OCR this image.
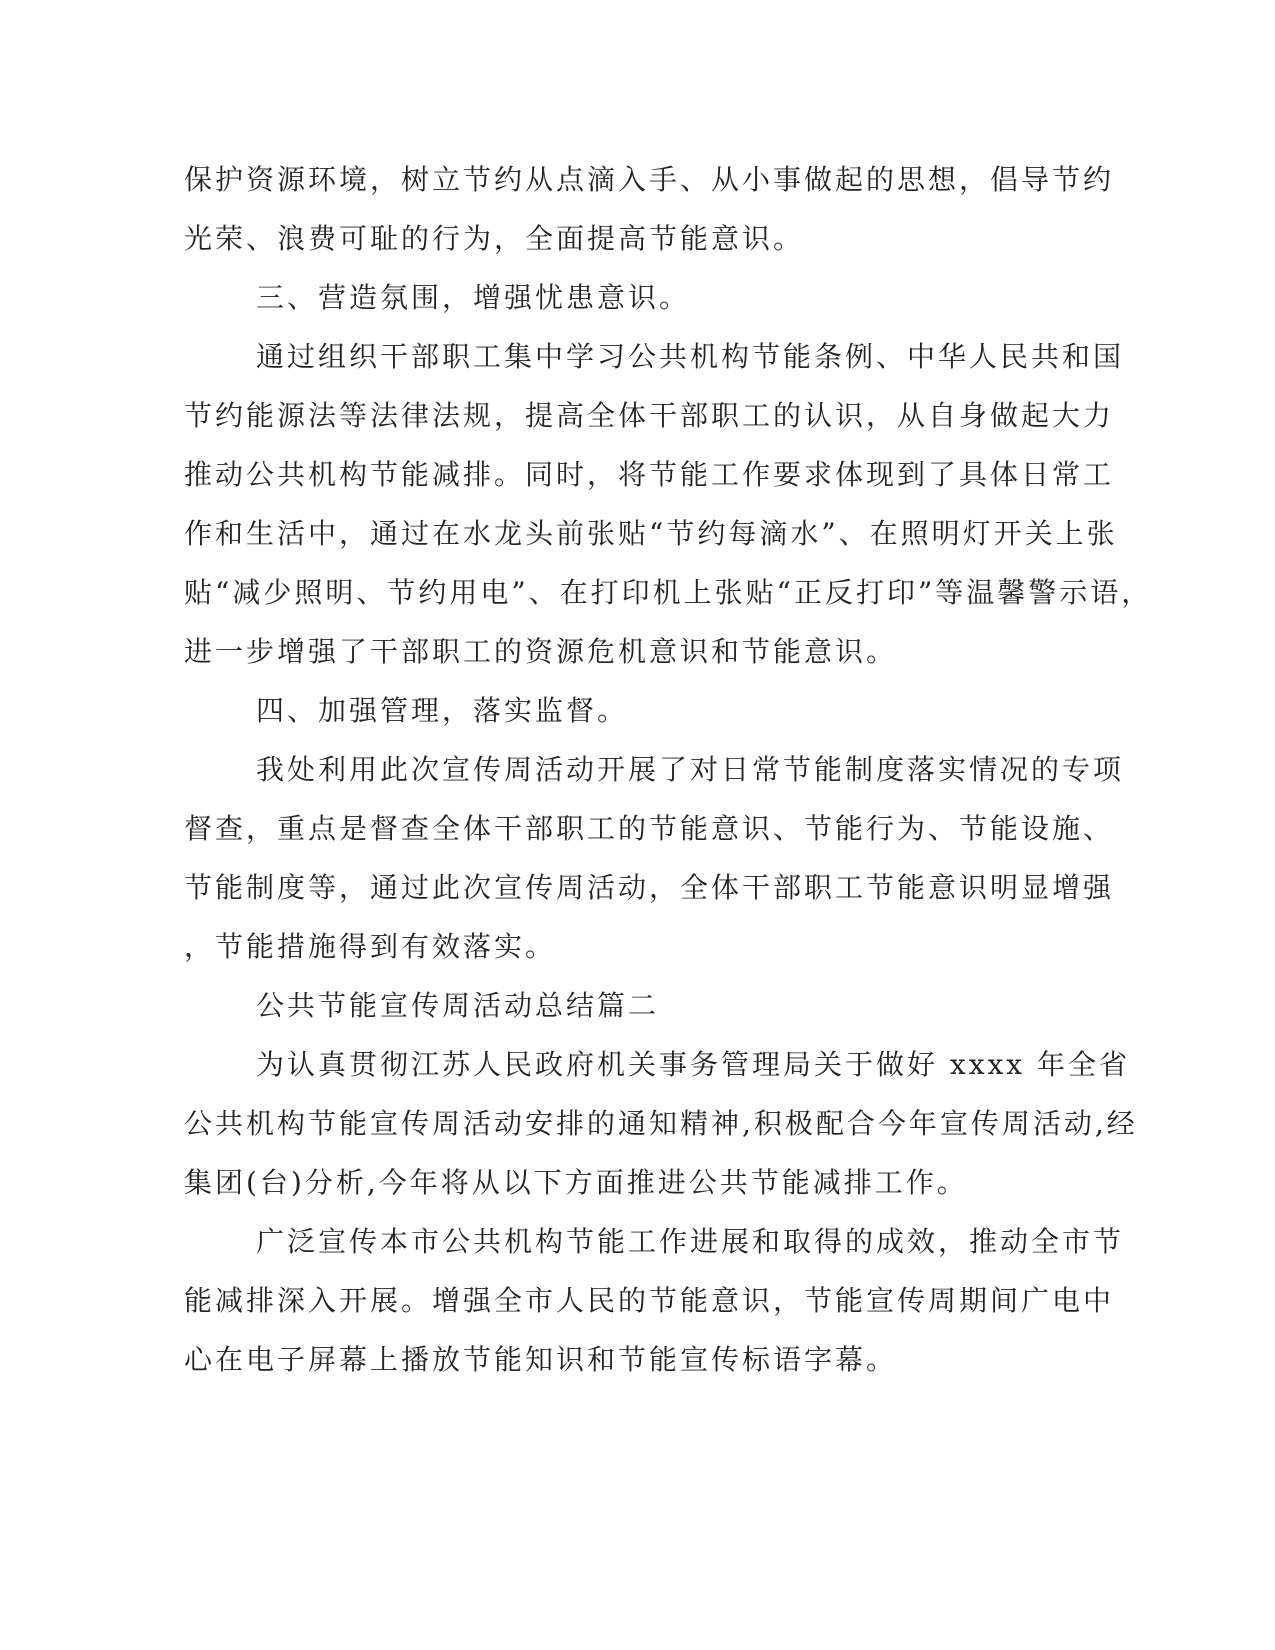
保护资源环境，树立节约从点滴入手、从小事做起的思想，倡导节约
光荣、浪费可耻的行为，全面提高节能意识。

三、营造氛围，增强忧患意识。

通过组织干部职工集中学习公共机构节能条例、中华人民共和国
节约能源法等法律法规，提高全体干部职工的认识，从自身做起大力
推动公共机构节能减排。同时，将节能工作要求体现到了具体日常工
作和生活中，通过在水龙头前张贴“节约每滴水”、在照明灯开关上张
贴“减少照明、节约用电”、在打印机上张贴“正反打印”等温馨警示语，
进一步增强了干部职工的资源危机意识和节能意识。

四、加强管理，落实监督。

我处利用此次宣传周活动开展了对日常节能制度落实情况的专项
督查，重点是督查全体干部职工的节能意识、节能行为、节能设施、
节能制度等，通过此次宣传周活动，全体干部职工节能意识明显增强
，节能措施得到有效落实。

公共节能宣传周活动总结篇二

为认真贯彻江苏人民政府机关事务管理局关于做好 xxxx 年全省
公共机构节能宣传周活动安排的通知精神,积极配合今年宣传周活动,经
集团(台)分析,今年将从以下方面推进公共节能减排工作。

广泛宣传本市公共机构节能工作进展和取得的成效，推动全市节
能减排深入开展。增强全市人民的节能意识，节能宣传周期间广电中
心在电子屏幕上播放节能知识和节能宣传标语字幕。
